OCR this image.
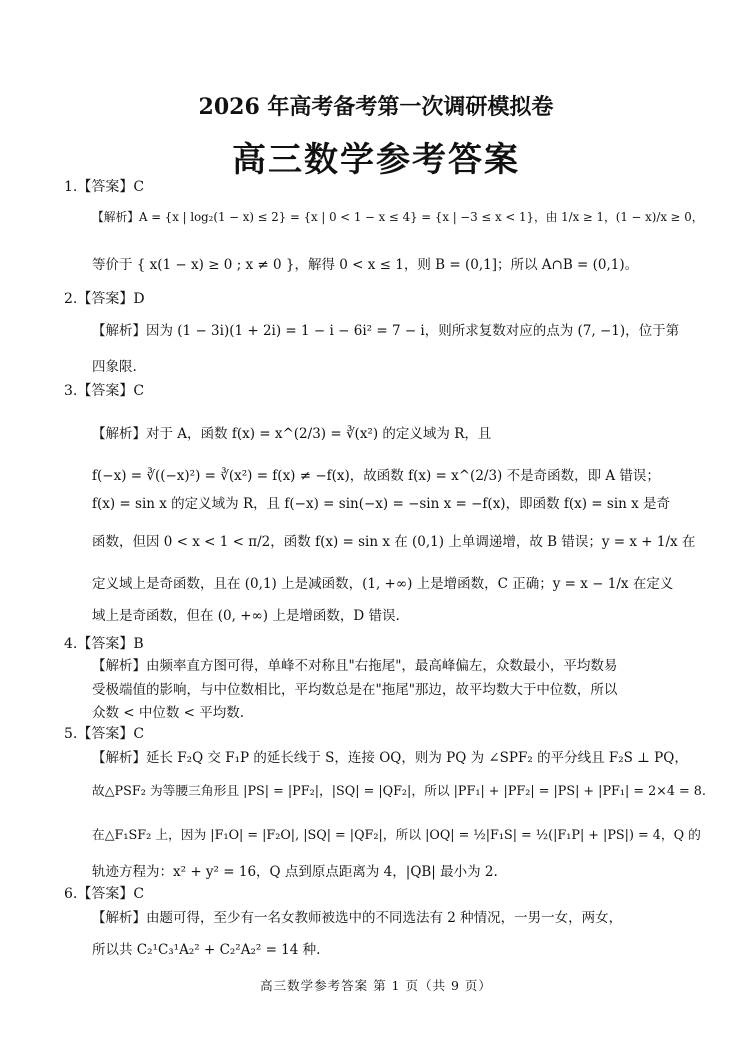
2026 年高考备考第一次调研模拟卷
高三数学参考答案
1.【答案】C
【解析】A = {x | log₂(1 − x) ≤ 2} = {x | 0 < 1 − x ≤ 4} = {x | −3 ≤ x < 1}，由 1/x ≥ 1，(1 − x)/x ≥ 0，
等价于 { x(1 − x) ≥ 0 ; x ≠ 0 }，解得 0 < x ≤ 1，则 B = (0,1]；所以 A∩B = (0,1)。
2.【答案】D
【解析】因为 (1 − 3i)(1 + 2i) = 1 − i − 6i² = 7 − i，则所求复数对应的点为 (7, −1)，位于第
四象限.
3.【答案】C
【解析】对于 A，函数 f(x) = x^(2/3) = ∛(x²) 的定义域为 R，且
f(−x) = ∛((−x)²) = ∛(x²) = f(x) ≠ −f(x)，故函数 f(x) = x^(2/3) 不是奇函数，即 A 错误；
f(x) = sin x 的定义域为 R，且 f(−x) = sin(−x) = −sin x = −f(x)，即函数 f(x) = sin x 是奇
函数，但因 0 < x < 1 < π/2，函数 f(x) = sin x 在 (0,1) 上单调递增，故 B 错误；y = x + 1/x 在
定义域上是奇函数，且在 (0,1) 上是减函数，(1, +∞) 上是增函数，C 正确；y = x − 1/x 在定义
域上是奇函数，但在 (0, +∞) 上是增函数，D 错误.
4.【答案】B
【解析】由频率直方图可得，单峰不对称且"右拖尾"，最高峰偏左，众数最小，平均数易
受极端值的影响，与中位数相比，平均数总是在"拖尾"那边，故平均数大于中位数，所以
众数 < 中位数 < 平均数.
5.【答案】C
【解析】延长 F₂Q 交 F₁P 的延长线于 S，连接 OQ，则为 PQ 为 ∠SPF₂ 的平分线且 F₂S ⊥ PQ，
故△PSF₂ 为等腰三角形且 |PS| = |PF₂|，|SQ| = |QF₂|，所以 |PF₁| + |PF₂| = |PS| + |PF₁| = 2×4 = 8.
在△F₁SF₂ 上，因为 |F₁O| = |F₂O|, |SQ| = |QF₂|，所以 |OQ| = ½|F₁S| = ½(|F₁P| + |PS|) = 4，Q 的
轨迹方程为：x² + y² = 16，Q 点到原点距离为 4，|QB| 最小为 2.
6.【答案】C
【解析】由题可得，至少有一名女教师被选中的不同选法有 2 种情况，一男一女，两女，
所以共 C₂¹C₃¹A₂² + C₂²A₂² = 14 种.
高三数学参考答案 第 1 页（共 9 页）
